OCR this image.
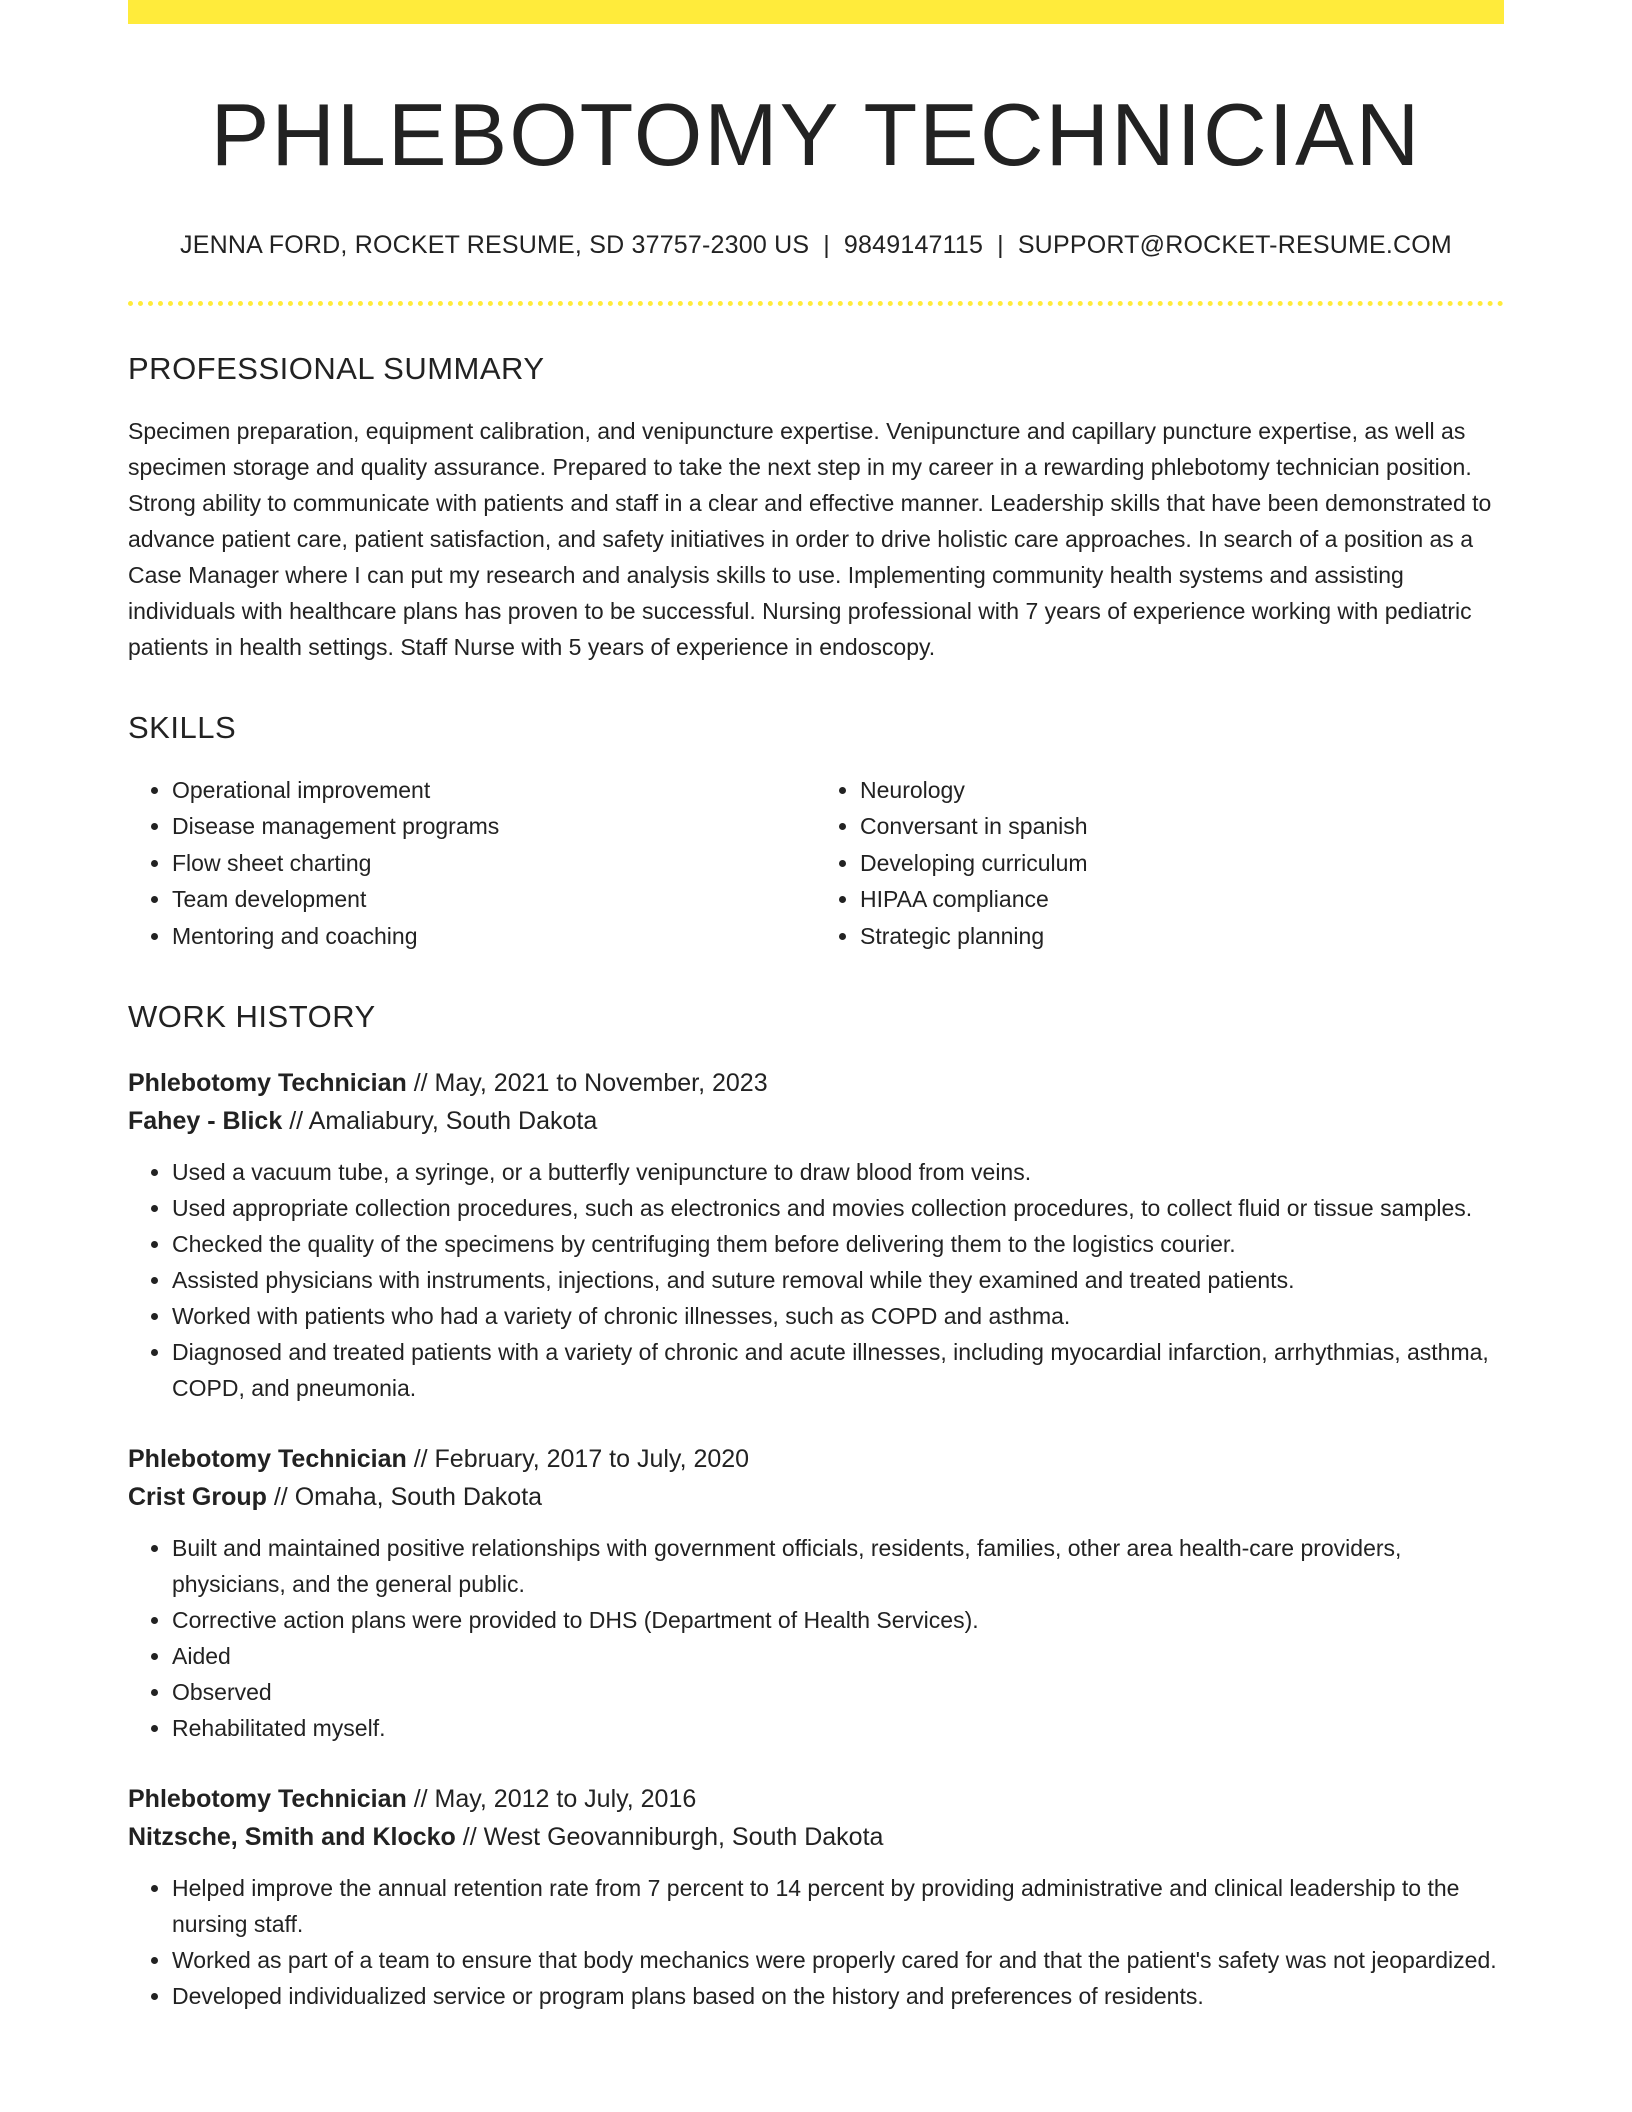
PHLEBOTOMY TECHNICIAN
JENNA FORD, ROCKET RESUME, SD 37757-2300 US | 9849147115 | SUPPORT@ROCKET-RESUME.COM
PROFESSIONAL SUMMARY

Specimen preparation, equipment calibration, and venipuncture expertise. Venipuncture and capillary puncture expertise, as well as specimen storage and quality assurance. Prepared to take the next step in my career in a rewarding phlebotomy technician position. Strong ability to communicate with patients and staff in a clear and effective manner. Leadership skills that have been demonstrated to advance patient care, patient satisfaction, and safety initiatives in order to drive holistic care approaches. In search of a position as a Case Manager where I can put my research and analysis skills to use. Implementing community health systems and assisting individuals with healthcare plans has proven to be successful. Nursing professional with 7 years of experience working with pediatric patients in health settings. Staff Nurse with 5 years of experience in endoscopy.

SKILLS
• Operational improvement
• Disease management programs
• Flow sheet charting
• Team development
• Mentoring and coaching
• Neurology
• Conversant in spanish
• Developing curriculum
• HIPAA compliance
• Strategic planning
WORK HISTORY
Phlebotomy Technician // May, 2021 to November, 2023
Fahey - Blick // Amaliabury, South Dakota
• Used a vacuum tube, a syringe, or a butterfly venipuncture to draw blood from veins.
• Used appropriate collection procedures, such as electronics and movies collection procedures, to collect fluid or tissue samples.
• Checked the quality of the specimens by centrifuging them before delivering them to the logistics courier.
• Assisted physicians with instruments, injections, and suture removal while they examined and treated patients.
• Worked with patients who had a variety of chronic illnesses, such as COPD and asthma.
• Diagnosed and treated patients with a variety of chronic and acute illnesses, including myocardial infarction, arrhythmias, asthma, COPD, and pneumonia.
Phlebotomy Technician // February, 2017 to July, 2020
Crist Group // Omaha, South Dakota
• Built and maintained positive relationships with government officials, residents, families, other area health-care providers, physicians, and the general public.
• Corrective action plans were provided to DHS (Department of Health Services).
• Aided
• Observed
• Rehabilitated myself.
Phlebotomy Technician // May, 2012 to July, 2016
Nitzsche, Smith and Klocko // West Geovanniburgh, South Dakota
• Helped improve the annual retention rate from 7 percent to 14 percent by providing administrative and clinical leadership to the nursing staff.
• Worked as part of a team to ensure that body mechanics were properly cared for and that the patient's safety was not jeopardized.
• Developed individualized service or program plans based on the history and preferences of residents.
